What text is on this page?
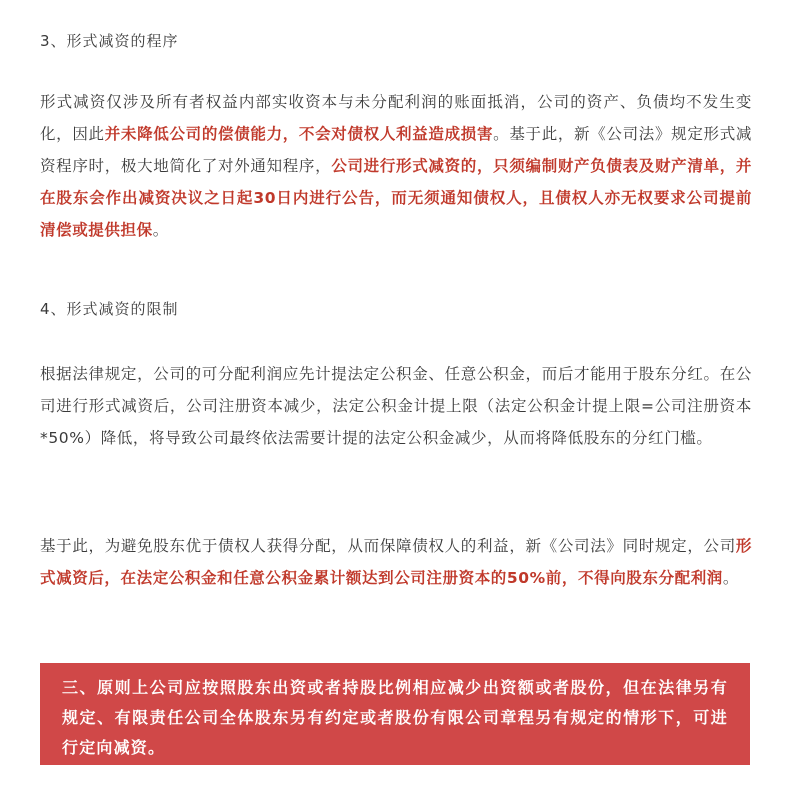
3、形式减资的程序

形式减资仅涉及所有者权益内部实收资本与未分配利润的账面抵消，公司的资产、负债均不发生变化，因此并未降低公司的偿债能力，不会对债权人利益造成损害。基于此，新《公司法》规定形式减资程序时，极大地简化了对外通知程序，公司进行形式减资的，只须编制财产负债表及财产清单，并在股东会作出减资决议之日起30日内进行公告，而无须通知债权人，且债权人亦无权要求公司提前清偿或提供担保。

4、形式减资的限制

根据法律规定，公司的可分配利润应先计提法定公积金、任意公积金，而后才能用于股东分红。在公司进行形式减资后，公司注册资本减少，法定公积金计提上限（法定公积金计提上限=公司注册资本*50%）降低，将导致公司最终依法需要计提的法定公积金减少，从而将降低股东的分红门槛。

基于此，为避免股东优于债权人获得分配，从而保障债权人的利益，新《公司法》同时规定，公司形式减资后，在法定公积金和任意公积金累计额达到公司注册资本的50%前，不得向股东分配利润。

三、原则上公司应按照股东出资或者持股比例相应减少出资额或者股份，但在法律另有规定、有限责任公司全体股东另有约定或者股份有限公司章程另有规定的情形下，可进行定向减资。
